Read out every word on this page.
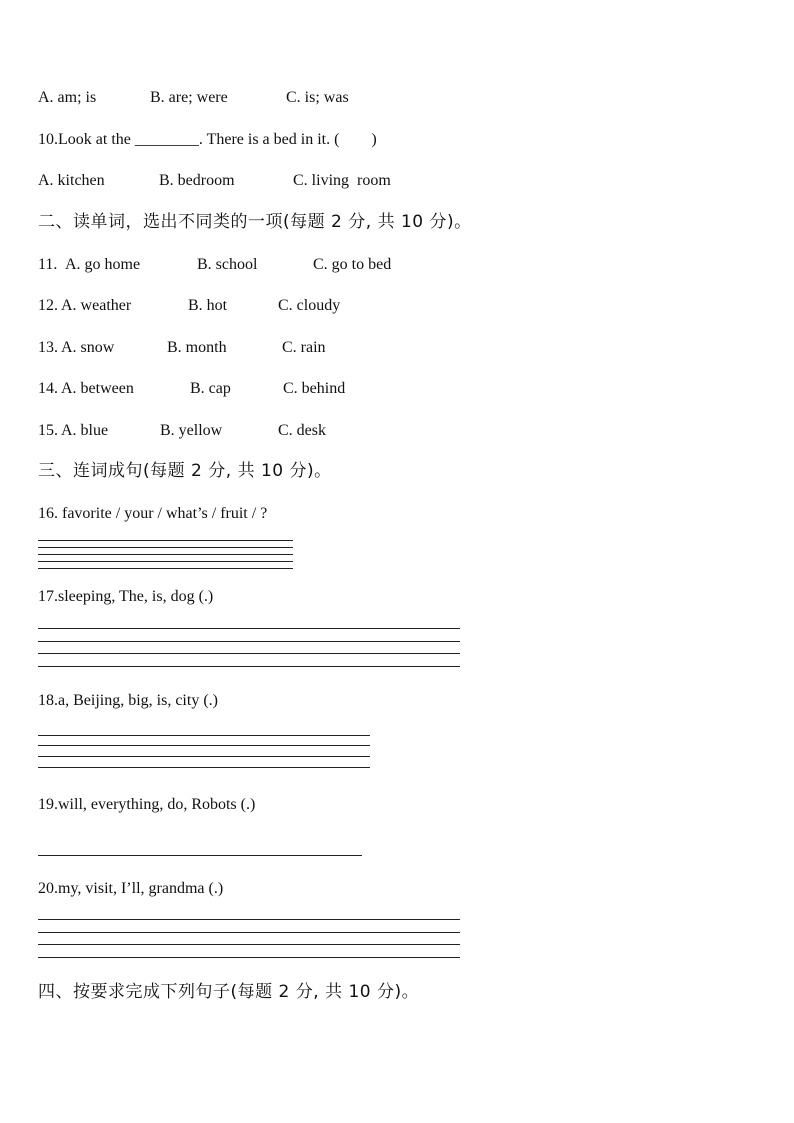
A. am; is

	B. are; were

	C. is; was

10.Look at the ________. There is a bed in it. (        )

A. kitchen

	B. bedroom

	C. living  room

二、读单词，选出不同类的一项(每题 2 分, 共 10 分)。

11.

A. go home

	B. school

	C. go to bed

12.

A. weather

	B. hot

	C. cloudy

13.

A. snow

	B. month

	C. rain

14.

A. between

	B. cap

	C. behind

15.

A. blue

	B. yellow

	C. desk

三、连词成句(每题 2 分, 共 10 分)。
16. favorite / your / what’s / fruit / ?
17.sleeping, The, is, dog (.)
18.a, Beijing, big, is, city (.)
19.will, everything, do, Robots (.)
20.my, visit, I’ll, grandma (.)
四、按要求完成下列句子(每题 2 分, 共 10 分)。
